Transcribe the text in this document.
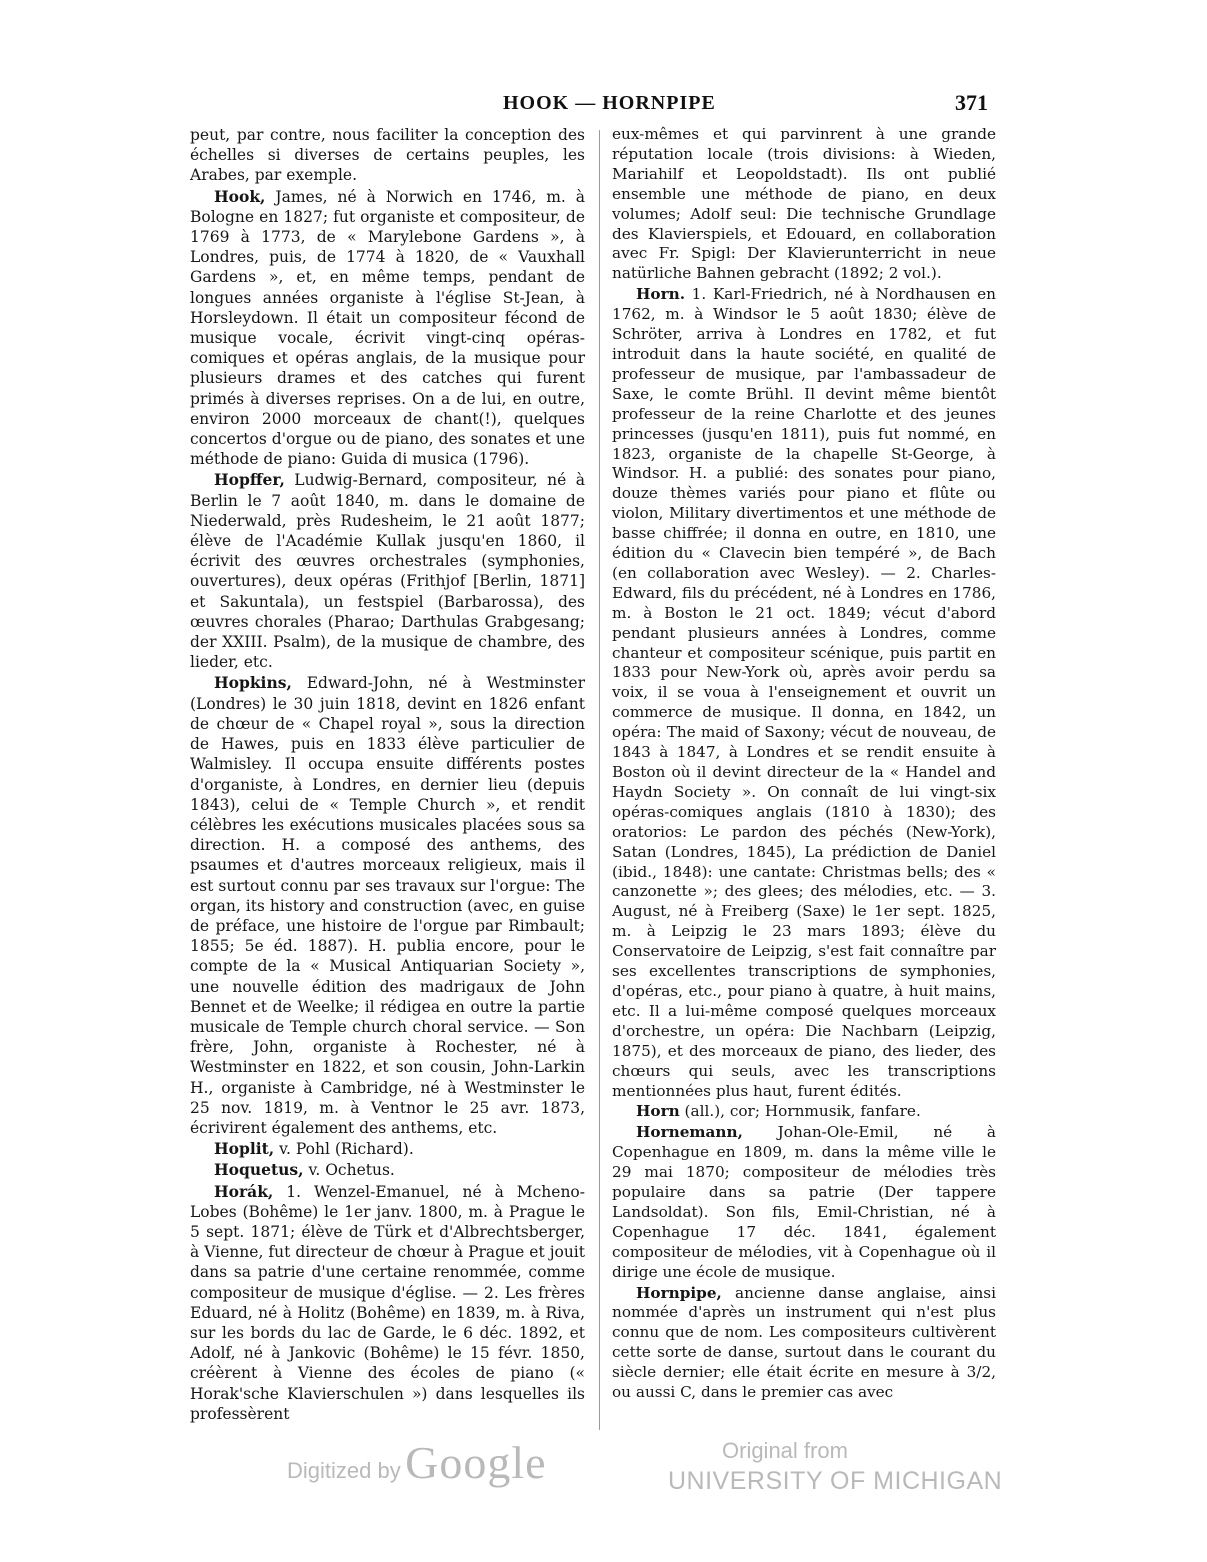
HOOK — HORNPIPE	371

peut, par contre, nous faciliter la conception des échelles si diverses de certains peuples, les Arabes, par exemple.

Hook, James, né à Norwich en 1746, m. à Bologne en 1827; fut organiste et compositeur, de 1769 à 1773, de « Marylebone Gardens », à Londres, puis, de 1774 à 1820, de « Vauxhall Gardens », et, en même temps, pendant de longues années organiste à l'église St-Jean, à Horsleydown. Il était un compositeur fécond de musique vocale, écrivit vingt-cinq opéras-comiques et opéras anglais, de la musique pour plusieurs drames et des catches qui furent primés à diverses reprises. On a de lui, en outre, environ 2000 morceaux de chant(!), quelques concertos d'orgue ou de piano, des sonates et une méthode de piano: Guida di musica (1796).

Hopffer, Ludwig-Bernard, compositeur, né à Berlin le 7 août 1840, m. dans le domaine de Niederwald, près Rudesheim, le 21 août 1877; élève de l'Académie Kullak jusqu'en 1860, il écrivit des œuvres orchestrales (symphonies, ouvertures), deux opéras (Frithjof [Berlin, 1871] et Sakuntala), un festspiel (Barbarossa), des œuvres chorales (Pharao; Darthulas Grabgesang; der XXIII. Psalm), de la musique de chambre, des lieder, etc.

Hopkins, Edward-John, né à Westminster (Londres) le 30 juin 1818, devint en 1826 enfant de chœur de « Chapel royal », sous la direction de Hawes, puis en 1833 élève particulier de Walmisley. Il occupa ensuite différents postes d'organiste, à Londres, en dernier lieu (depuis 1843), celui de « Temple Church », et rendit célèbres les exécutions musicales placées sous sa direction. H. a composé des anthems, des psaumes et d'autres morceaux religieux, mais il est surtout connu par ses travaux sur l'orgue: The organ, its history and construction (avec, en guise de préface, une histoire de l'orgue par Rimbault; 1855; 5e éd. 1887). H. publia encore, pour le compte de la « Musical Antiquarian Society », une nouvelle édition des madrigaux de John Bennet et de Weelke; il rédigea en outre la partie musicale de Temple church choral service. — Son frère, John, organiste à Rochester, né à Westminster en 1822, et son cousin, John-Larkin H., organiste à Cambridge, né à Westminster le 25 nov. 1819, m. à Ventnor le 25 avr. 1873, écrivirent également des anthems, etc.

Hoplit, v. Pohl (Richard).

Hoquetus, v. Ochetus.

Horák, 1. Wenzel-Emanuel, né à Mcheno-Lobes (Bohême) le 1er janv. 1800, m. à Prague le 5 sept. 1871; élève de Türk et d'Albrechtsberger, à Vienne, fut directeur de chœur à Prague et jouit dans sa patrie d'une certaine renommée, comme compositeur de musique d'église. — 2. Les frères Eduard, né à Holitz (Bohême) en 1839, m. à Riva, sur les bords du lac de Garde, le 6 déc. 1892, et Adolf, né à Jankovic (Bohême) le 15 févr. 1850, créèrent à Vienne des écoles de piano (« Horak'sche Klavierschulen ») dans lesquelles ils professèrent

eux-mêmes et qui parvinrent à une grande réputation locale (trois divisions: à Wieden, Mariahilf et Leopoldstadt). Ils ont publié ensemble une méthode de piano, en deux volumes; Adolf seul: Die technische Grundlage des Klavierspiels, et Edouard, en collaboration avec Fr. Spigl: Der Klavierunterricht in neue natürliche Bahnen gebracht (1892; 2 vol.).

Horn. 1. Karl-Friedrich, né à Nordhausen en 1762, m. à Windsor le 5 août 1830; élève de Schröter, arriva à Londres en 1782, et fut introduit dans la haute société, en qualité de professeur de musique, par l'ambassadeur de Saxe, le comte Brühl. Il devint même bientôt professeur de la reine Charlotte et des jeunes princesses (jusqu'en 1811), puis fut nommé, en 1823, organiste de la chapelle St-George, à Windsor. H. a publié: des sonates pour piano, douze thèmes variés pour piano et flûte ou violon, Military divertimentos et une méthode de basse chiffrée; il donna en outre, en 1810, une édition du « Clavecin bien tempéré », de Bach (en collaboration avec Wesley). — 2. Charles-Edward, fils du précédent, né à Londres en 1786, m. à Boston le 21 oct. 1849; vécut d'abord pendant plusieurs années à Londres, comme chanteur et compositeur scénique, puis partit en 1833 pour New-York où, après avoir perdu sa voix, il se voua à l'enseignement et ouvrit un commerce de musique. Il donna, en 1842, un opéra: The maid of Saxony; vécut de nouveau, de 1843 à 1847, à Londres et se rendit ensuite à Boston où il devint directeur de la « Handel and Haydn Society ». On connaît de lui vingt-six opéras-comiques anglais (1810 à 1830); des oratorios: Le pardon des péchés (New-York), Satan (Londres, 1845), La prédiction de Daniel (ibid., 1848): une cantate: Christmas bells; des « canzonette »; des glees; des mélodies, etc. — 3. August, né à Freiberg (Saxe) le 1er sept. 1825, m. à Leipzig le 23 mars 1893; élève du Conservatoire de Leipzig, s'est fait connaître par ses excellentes transcriptions de symphonies, d'opéras, etc., pour piano à quatre, à huit mains, etc. Il a lui-même composé quelques morceaux d'orchestre, un opéra: Die Nachbarn (Leipzig, 1875), et des morceaux de piano, des lieder, des chœurs qui seuls, avec les transcriptions mentionnées plus haut, furent édités.

Horn (all.), cor; Hornmusik, fanfare.

Hornemann, Johan-Ole-Emil, né à Copenhague en 1809, m. dans la même ville le 29 mai 1870; compositeur de mélodies très populaire dans sa patrie (Der tappere Landsoldat). Son fils, Emil-Christian, né à Copenhague 17 déc. 1841, également compositeur de mélodies, vit à Copenhague où il dirige une école de musique.

Hornpipe, ancienne danse anglaise, ainsi nommée d'après un instrument qui n'est plus connu que de nom. Les compositeurs cultivèrent cette sorte de danse, surtout dans le courant du siècle dernier; elle était écrite en mesure à 3/2, ou aussi C, dans le premier cas avec

Digitized by Google	Original from
UNIVERSITY OF MICHIGAN
